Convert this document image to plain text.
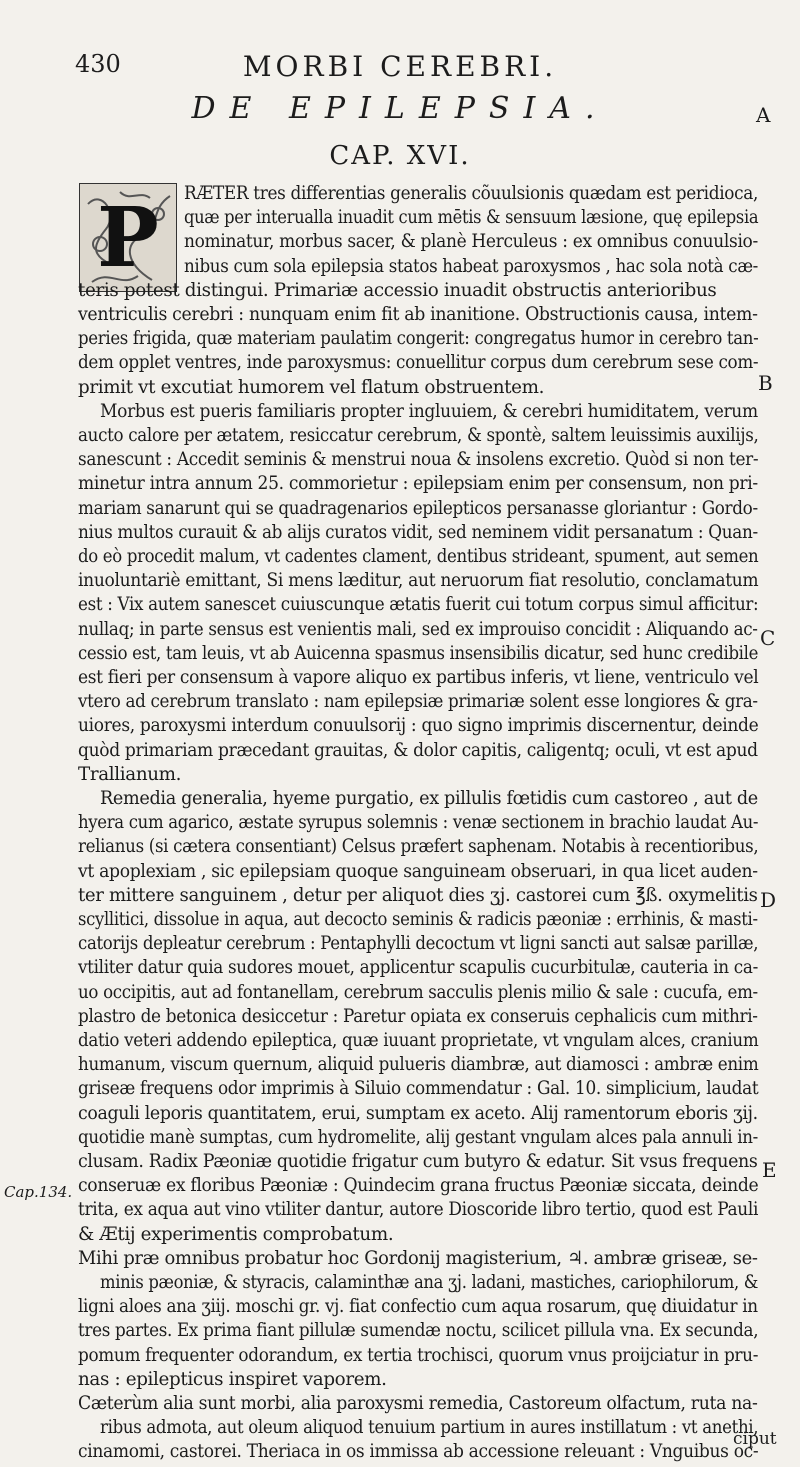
430	MORBI CEREBRI.
DE EPILEPSIA.
CAP. XVI.
A
B
C
D
E
Cap.134.
P RÆTER tres differentias generalis cõuulsionis quædam est peridioca,
quæ per interualla inuadit cum mētis & sensuum læsione, quę epilepsia
nominatur, morbus sacer, & planè Herculeus : ex omnibus conuulsio-
nibus cum sola epilepsia statos habeat paroxysmos , hac sola notà cæ-
teris potest distingui. Primariæ accessio inuadit obstructis anterioribus
ventriculis cerebri : nunquam enim fit ab inanitione. Obstructionis causa, intem-
peries frigida, quæ materiam paulatim congerit: congregatus humor in cerebro tan-
dem opplet ventres, inde paroxysmus: conuellitur corpus dum cerebrum sese com-
primit vt excutiat humorem vel flatum obstruentem.
Morbus est pueris familiaris propter ingluuiem, & cerebri humiditatem, verum
aucto calore per ætatem, resiccatur cerebrum, & spontè, saltem leuissimis auxilijs,
sanescunt : Accedit seminis & menstrui noua & insolens excretio. Quòd si non ter-
minetur intra annum 25. commorietur : epilepsiam enim per consensum, non pri-
mariam sanarunt qui se quadragenarios epilepticos persanasse gloriantur : Gordo-
nius multos curauit & ab alijs curatos vidit, sed neminem vidit persanatum : Quan-
do eò procedit malum, vt cadentes clament, dentibus strideant, spument, aut semen
inuoluntariè emittant, Si mens læditur, aut neruorum fiat resolutio, conclamatum
est : Vix autem sanescet cuiuscunque ætatis fuerit cui totum corpus simul afficitur:
nullaq; in parte sensus est venientis mali, sed ex improuiso concidit : Aliquando ac-
cessio est, tam leuis, vt ab Auicenna spasmus insensibilis dicatur, sed hunc credibile
est fieri per consensum à vapore aliquo ex partibus inferis, vt liene, ventriculo vel
vtero ad cerebrum translato : nam epilepsiæ primariæ solent esse longiores & gra-
uiores, paroxysmi interdum conuulsorij : quo signo imprimis discernentur, deinde
quòd primariam præcedant grauitas, & dolor capitis, caligentq; oculi, vt est apud
Trallianum.
Remedia generalia, hyeme purgatio, ex pillulis fœtidis cum castoreo , aut de
hyera cum agarico, æstate syrupus solemnis : venæ sectionem in brachio laudat Au-
relianus (si cætera consentiant) Celsus præfert saphenam. Notabis à recentioribus,
vt apoplexiam , sic epilepsiam quoque sanguineam obseruari, in qua licet auden-
ter mittere sanguinem , detur per aliquot dies ʒj. castorei cum ℥ß. oxymelitis
scyllitici, dissolue in aqua, aut decocto seminis & radicis pæoniæ : errhinis, & masti-
catorijs depleatur cerebrum : Pentaphylli decoctum vt ligni sancti aut salsæ parillæ,
vtiliter datur quia sudores mouet, applicentur scapulis cucurbitulæ, cauteria in ca-
uo occipitis, aut ad fontanellam, cerebrum sacculis plenis milio & sale : cucufa, em-
plastro de betonica desiccetur : Paretur opiata ex conseruis cephalicis cum mithri-
datio veteri addendo epileptica, quæ iuuant proprietate, vt vngulam alces, cranium
humanum, viscum quernum, aliquid pulueris diambræ, aut diamosci : ambræ enim
griseæ frequens odor imprimis à Siluio commendatur : Gal. 10. simplicium, laudat
coaguli leporis quantitatem, erui, sumptam ex aceto. Alij ramentorum eboris ʒij.
quotidie manè sumptas, cum hydromelite, alij gestant vngulam alces pala annuli in-
clusam. Radix Pæoniæ quotidie frigatur cum butyro & edatur. Sit vsus frequens
conseruæ ex floribus Pæoniæ : Quindecim grana fructus Pæoniæ siccata, deinde
trita, ex aqua aut vino vtiliter dantur, autore Dioscoride libro tertio, quod est Pauli
& Ætij experimentis comprobatum.
Mihi præ omnibus probatur hoc Gordonij magisterium, ♃. ambræ griseæ, se-
minis pæoniæ, & styracis, calaminthæ ana ʒj. ladani, mastiches, cariophilorum, &
ligni aloes ana ʒiij. moschi gr. vj. fiat confectio cum aqua rosarum, quę diuidatur in
tres partes. Ex prima fiant pillulæ sumendæ noctu, scilicet pillula vna. Ex secunda,
pomum frequenter odorandum, ex tertia trochisci, quorum vnus proijciatur in pru-
nas : epilepticus inspiret vaporem.
Cæterùm alia sunt morbi, alia paroxysmi remedia, Castoreum olfactum, ruta na-
ribus admota, aut oleum aliquod tenuium partium in aures instillatum : vt anethi,
cinamomi, castorei. Theriaca in os immissa ab accessione releuant : Vnguibus oc-
ciput
